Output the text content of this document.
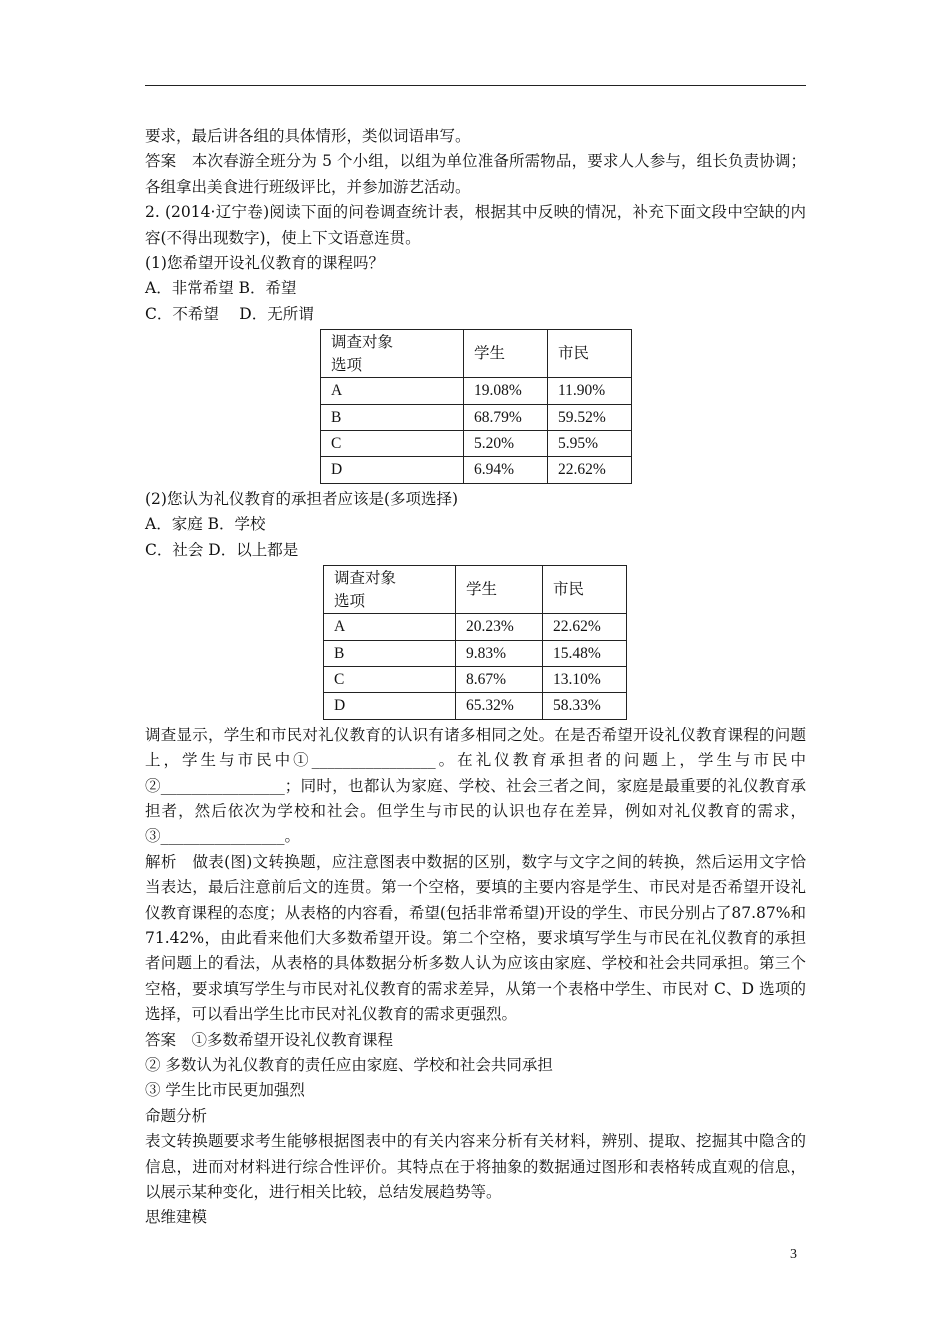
要求，最后讲各组的具体情形，类似词语串写。

答案　本次春游全班分为 5 个小组，以组为单位准备所需物品，要求人人参与，组长负责协调；各组拿出美食进行班级评比，并参加游艺活动。

2. (2014·辽宁卷)阅读下面的问卷调查统计表，根据其中反映的情况，补充下面文段中空缺的内容(不得出现数字)，使上下文语意连贯。

(1)您希望开设礼仪教育的课程吗？

A．非常希望 B．希望

C．不希望　 D．无所谓

调查对象
选项	学生	市民
A	19.08%	11.90%
B	68.79%	59.52%
C	5.20%	5.95%
D	6.94%	22.62%

(2)您认为礼仪教育的承担者应该是(多项选择)

A．家庭 B．学校

C．社会 D．以上都是

调查对象
选项	学生	市民
A	20.23%	22.62%
B	9.83%	15.48%
C	8.67%	13.10%
D	65.32%	58.33%

调查显示，学生和市民对礼仪教育的认识有诸多相同之处。在是否希望开设礼仪教育课程的问题上，学生与市民中①________________。在礼仪教育承担者的问题上，学生与市民中②________________；同时，也都认为家庭、学校、社会三者之间，家庭是最重要的礼仪教育承担者，然后依次为学校和社会。但学生与市民的认识也存在差异，例如对礼仪教育的需求，③________________。

解析　做表(图)文转换题，应注意图表中数据的区别，数字与文字之间的转换，然后运用文字恰当表达，最后注意前后文的连贯。第一个空格，要填的主要内容是学生、市民对是否希望开设礼仪教育课程的态度；从表格的内容看，希望(包括非常希望)开设的学生、市民分别占了87.87%和 71.42%，由此看来他们大多数希望开设。第二个空格，要求填写学生与市民在礼仪教育的承担者问题上的看法，从表格的具体数据分析多数人认为应该由家庭、学校和社会共同承担。第三个空格，要求填写学生与市民对礼仪教育的需求差异，从第一个表格中学生、市民对 C、D 选项的选择，可以看出学生比市民对礼仪教育的需求更强烈。

答案　①多数希望开设礼仪教育课程

② 多数认为礼仪教育的责任应由家庭、学校和社会共同承担

③ 学生比市民更加强烈

命题分析

表文转换题要求考生能够根据图表中的有关内容来分析有关材料，辨别、提取、挖掘其中隐含的信息，进而对材料进行综合性评价。其特点在于将抽象的数据通过图形和表格转成直观的信息，以展示某种变化，进行相关比较，总结发展趋势等。

思维建模

3
